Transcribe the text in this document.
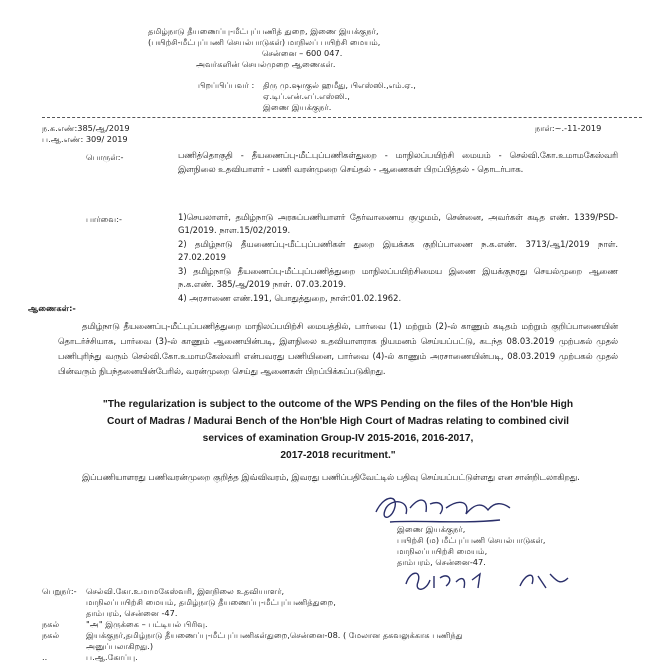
தமிழ்நாடு தீயணைப்பு-மீட்புப்பணித் துறை, இணை இயக்குநர்,
(பயிற்சி-மீட்புப்பணி செயல்பாடுகள்) மாநிலப் பயிற்சி மையம்,
சென்னை – 600 047.
அவர்களின் செயல்முறை ஆணைகள்.
பிறப்பிப்பவர் : திரு மு.ஷாகுல் ஹமீது, பிஎஸ்ஸி.,எம்.ஏ.,
ஏ.டிப்.என்.எப்.எஸ்ஸி.,
இணை இயக்குநர்.
ந.க.எண்:385/ஆ/2019
ப.ஆ.எண்: 309/ 2019
நாள்:~.-11-2019
பொருள்:-	பணித்தொகுதி - தீயணைப்பு-மீட்புப்பணிகள்துறை - மாநிலப்பயிற்சி மையம் - செல்வி.கோ.உமாமகேஸ்வரி இளநிலை உதவியாளர் - பணி வரன்முறை செய்தல் - ஆணைகள் பிறப்பித்தல் - தொடர்பாக.
பார்வை:-	1)செயலாளர், தமிழ்நாடு அரசுப்பணியாளர் தேர்வாணைய குழுமம், சென்னை, அவர்கள் கடித எண். 1339/PSD-G1/2019. நாள.15/02/2019.
2) தமிழ்நாடு தீயணைப்பு-மீட்புப்பணிகள் துறை இயக்கக குறிப்பாணை ந.க.எண். 3713/ஆ1/2019 நாள். 27.02.2019
3) தமிழ்நாடு தீயணைப்பு-மீட்புப்பணித்துறை மாநிலப்பயிற்சிமைய இணை இயக்குநரது செயல்முறை ஆணை ந.க.எண். 385/ஆ/2019 நாள். 07.03.2019.
4) அரசாணை எண்.191, பொதுத்துறை, நாள்:01.02.1962.
ஆணைகள்:-
தமிழ்நாடு தீயணைப்பு-மீட்புப்பணித்துறை மாநிலப்பயிற்சி மையத்தில், பார்வை (1) மற்றும் (2)-ல் காணும் கடிதம் மற்றும் குறிப்பாணையின் தொடர்ச்சியாக, பார்வை (3)-ல் காணும் ஆணையின்படி, இளநிலை உதவியாளராக நியமனம் செய்யப்பட்டு, கடந்த 08.03.2019 முற்பகல் முதல் பணிபுரிந்து வரும் செல்வி.கோ.உமாமகேஸ்வரி என்பவரது பணியினை, பார்வை (4)-ல் காணும் அரசாணையின்படி, 08.03.2019 முற்பகல் முதல் பின்வரும் நிபந்தனையின்பேரில், வரன்முறை செய்து ஆணைகள் பிறப்பிக்கப்படுகிறது.
"The regularization is subject to the outcome of the WPS Pending on the files of the Hon'ble High
Court of Madras / Madurai Bench of the Hon'ble High Court of Madras relating to combined civil
services of examination Group-IV 2015-2016, 2016-2017,
2017-2018 recuritment."
இப்பணியாளரது பணிவரன்முறை குறித்த இவ்விவரம், இவரது பணிப்பதிவேட்டில் பதிவு செய்யப்பட்டுள்ளது என சான்றிடலாகிறது.
இணை இயக்குநர்,
பயிற்சி (ம) மீட்புப்பணி செயல்பாடுகள்,
மாநிலப்பயிற்சி மையம்,
தாம்பரம், சென்னை-47.
பெறுநர்:- செல்வி.கோ.உமாமகேஸ்வரி, இளநிலை உதவியாளர்,
மாநிலப்பயிற்சி மையம், தமிழ்நாடு தீயணைப்பு-மீட்புப்பணித்துறை,
தாம்பரம், சென்னை -47.
நகல்	"அ" இருக்கை – பட்டியல் பிரிவு.
நகல்	இயக்குநர்,தமிழ்நாடு தீயணைப்பு-மீட்புப்பணிகள்துறை,சென்னை-08. ( மேலான தகவலுக்காக பணிந்து
அனுப்பலாகிறது.)
ப.ஆ.கோப்பு.
..
